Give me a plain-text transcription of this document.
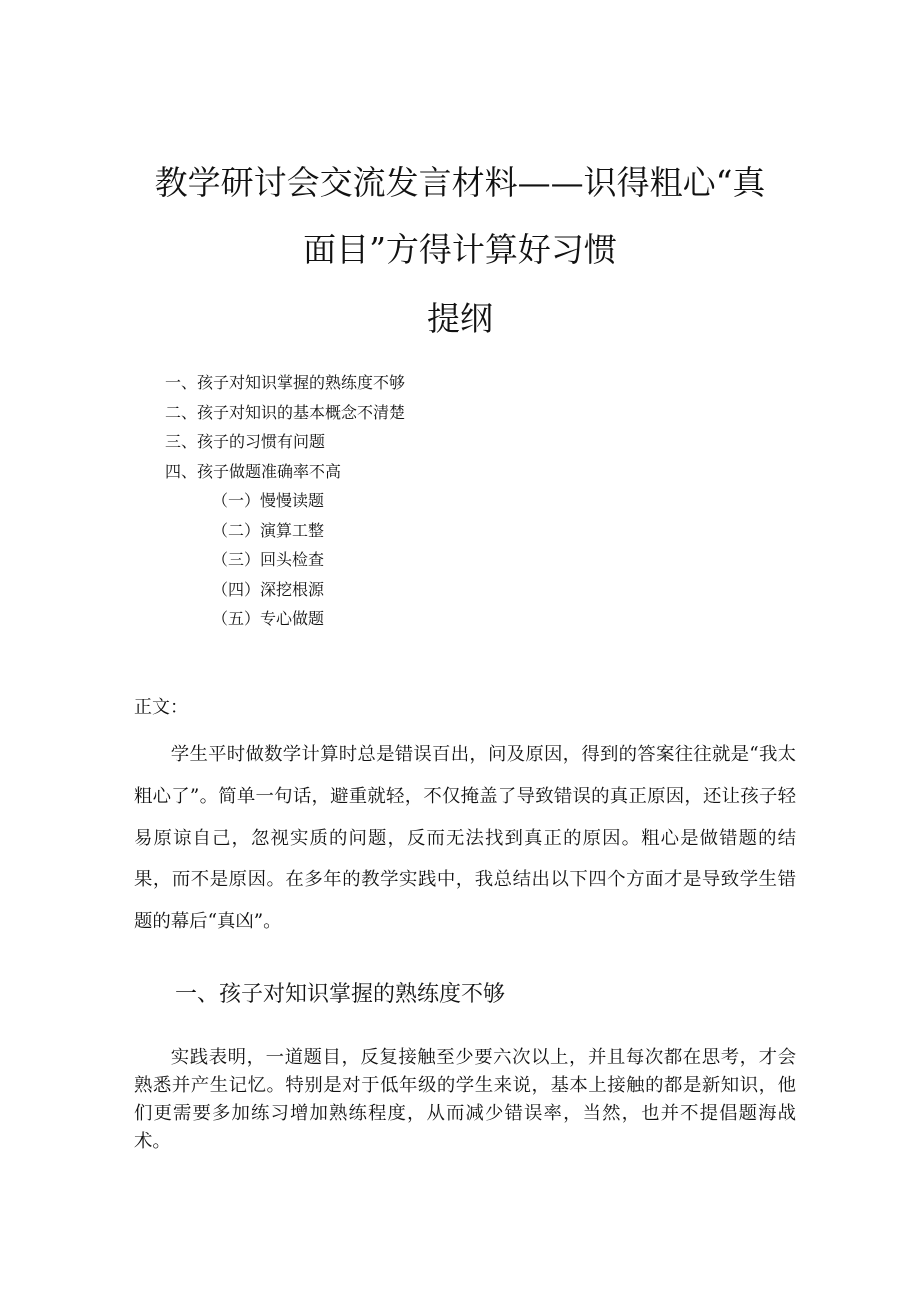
教学研讨会交流发言材料——识得粗心“真
面目”方得计算好习惯
提纲
一、孩子对知识掌握的熟练度不够
二、孩子对知识的基本概念不清楚
三、孩子的习惯有问题
四、孩子做题准确率不高
（一）慢慢读题
（二）演算工整
（三）回头检查
（四）深挖根源
（五）专心做题
正文：

学生平时做数学计算时总是错误百出，问及原因，得到的答案往往就是“我太粗心了”。简单一句话，避重就轻，不仅掩盖了导致错误的真正原因，还让孩子轻易原谅自己，忽视实质的问题，反而无法找到真正的原因。粗心是做错题的结果，而不是原因。在多年的教学实践中，我总结出以下四个方面才是导致学生错题的幕后“真凶”。

一、孩子对知识掌握的熟练度不够

实践表明，一道题目，反复接触至少要六次以上，并且每次都在思考，才会熟悉并产生记忆。特别是对于低年级的学生来说，基本上接触的都是新知识，他们更需要多加练习增加熟练程度，从而减少错误率，当然，也并不提倡题海战术。
